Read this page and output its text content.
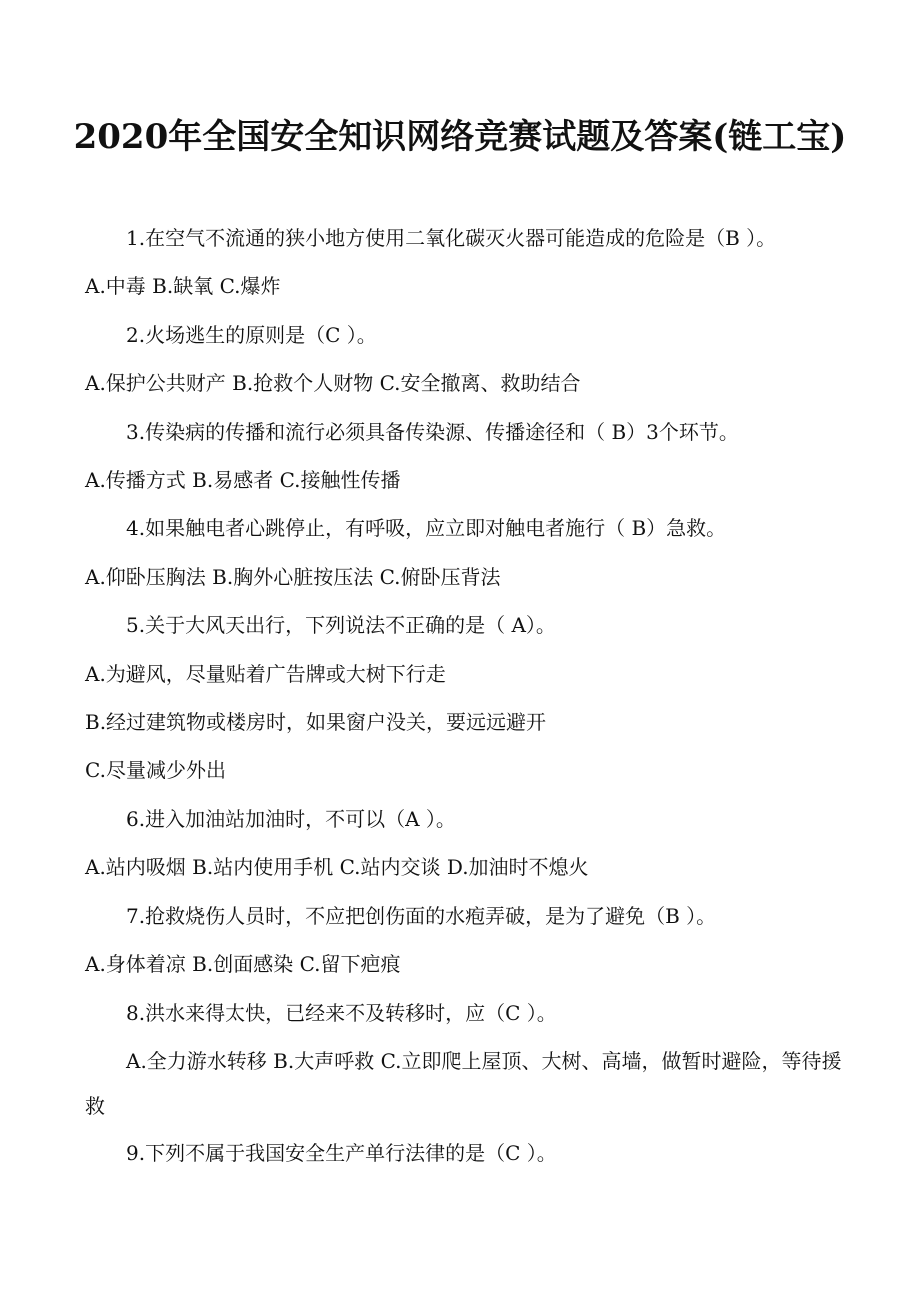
2020年全国安全知识网络竞赛试题及答案(链工宝)
1.在空气不流通的狭小地方使用二氧化碳灭火器可能造成的危险是（B ）。
A.中毒 B.缺氧 C.爆炸
2.火场逃生的原则是（C ）。
A.保护公共财产 B.抢救个人财物 C.安全撤离、救助结合
3.传染病的传播和流行必须具备传染源、传播途径和（ B）3个环节。
A.传播方式 B.易感者 C.接触性传播
4.如果触电者心跳停止，有呼吸，应立即对触电者施行（ B）急救。
A.仰卧压胸法 B.胸外心脏按压法 C.俯卧压背法
5.关于大风天出行，下列说法不正确的是（ A）。
A.为避风，尽量贴着广告牌或大树下行走
B.经过建筑物或楼房时，如果窗户没关，要远远避开
C.尽量减少外出
6.进入加油站加油时，不可以（A ）。
A.站内吸烟 B.站内使用手机 C.站内交谈 D.加油时不熄火
7.抢救烧伤人员时，不应把创伤面的水疱弄破，是为了避免（B ）。
A.身体着凉 B.创面感染 C.留下疤痕
8.洪水来得太快，已经来不及转移时，应（C ）。
A.全力游水转移 B.大声呼救 C.立即爬上屋顶、大树、高墙，做暂时避险，等待援救
9.下列不属于我国安全生产单行法律的是（C ）。
